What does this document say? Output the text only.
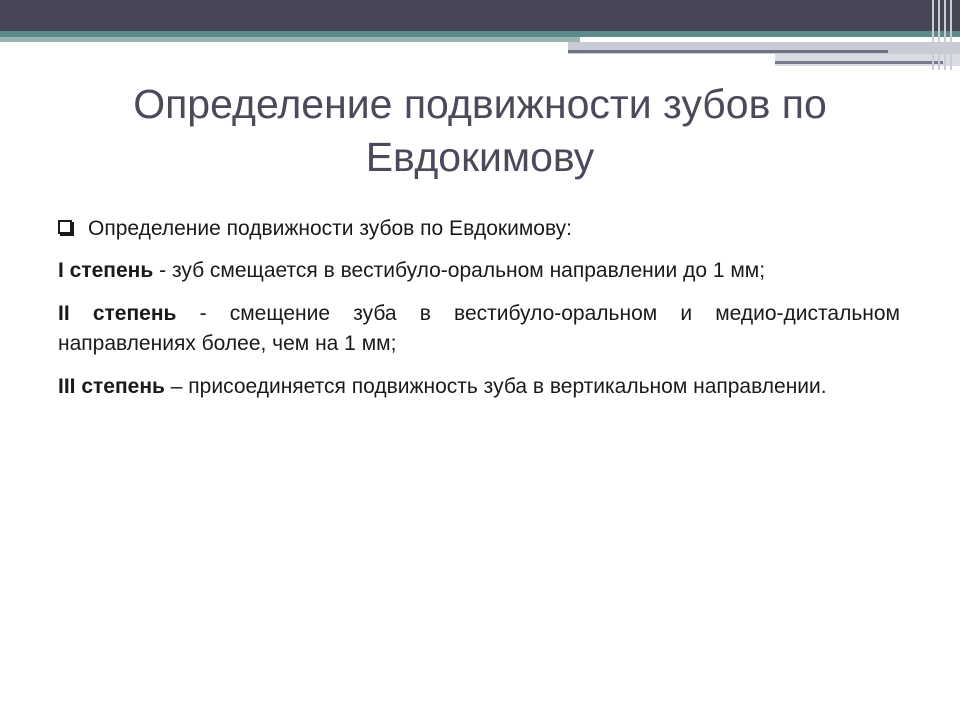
Определение подвижности зубов по Евдокимову
Определение подвижности зубов по Евдокимову:

I степень - зуб смещается в вестибуло-оральном направлении до 1 мм;

II степень - смещение зуба в вестибуло-оральном и медио-дистальном направлениях более, чем на 1 мм;

III степень – присоединяется подвижность зуба в вертикальном направлении.
